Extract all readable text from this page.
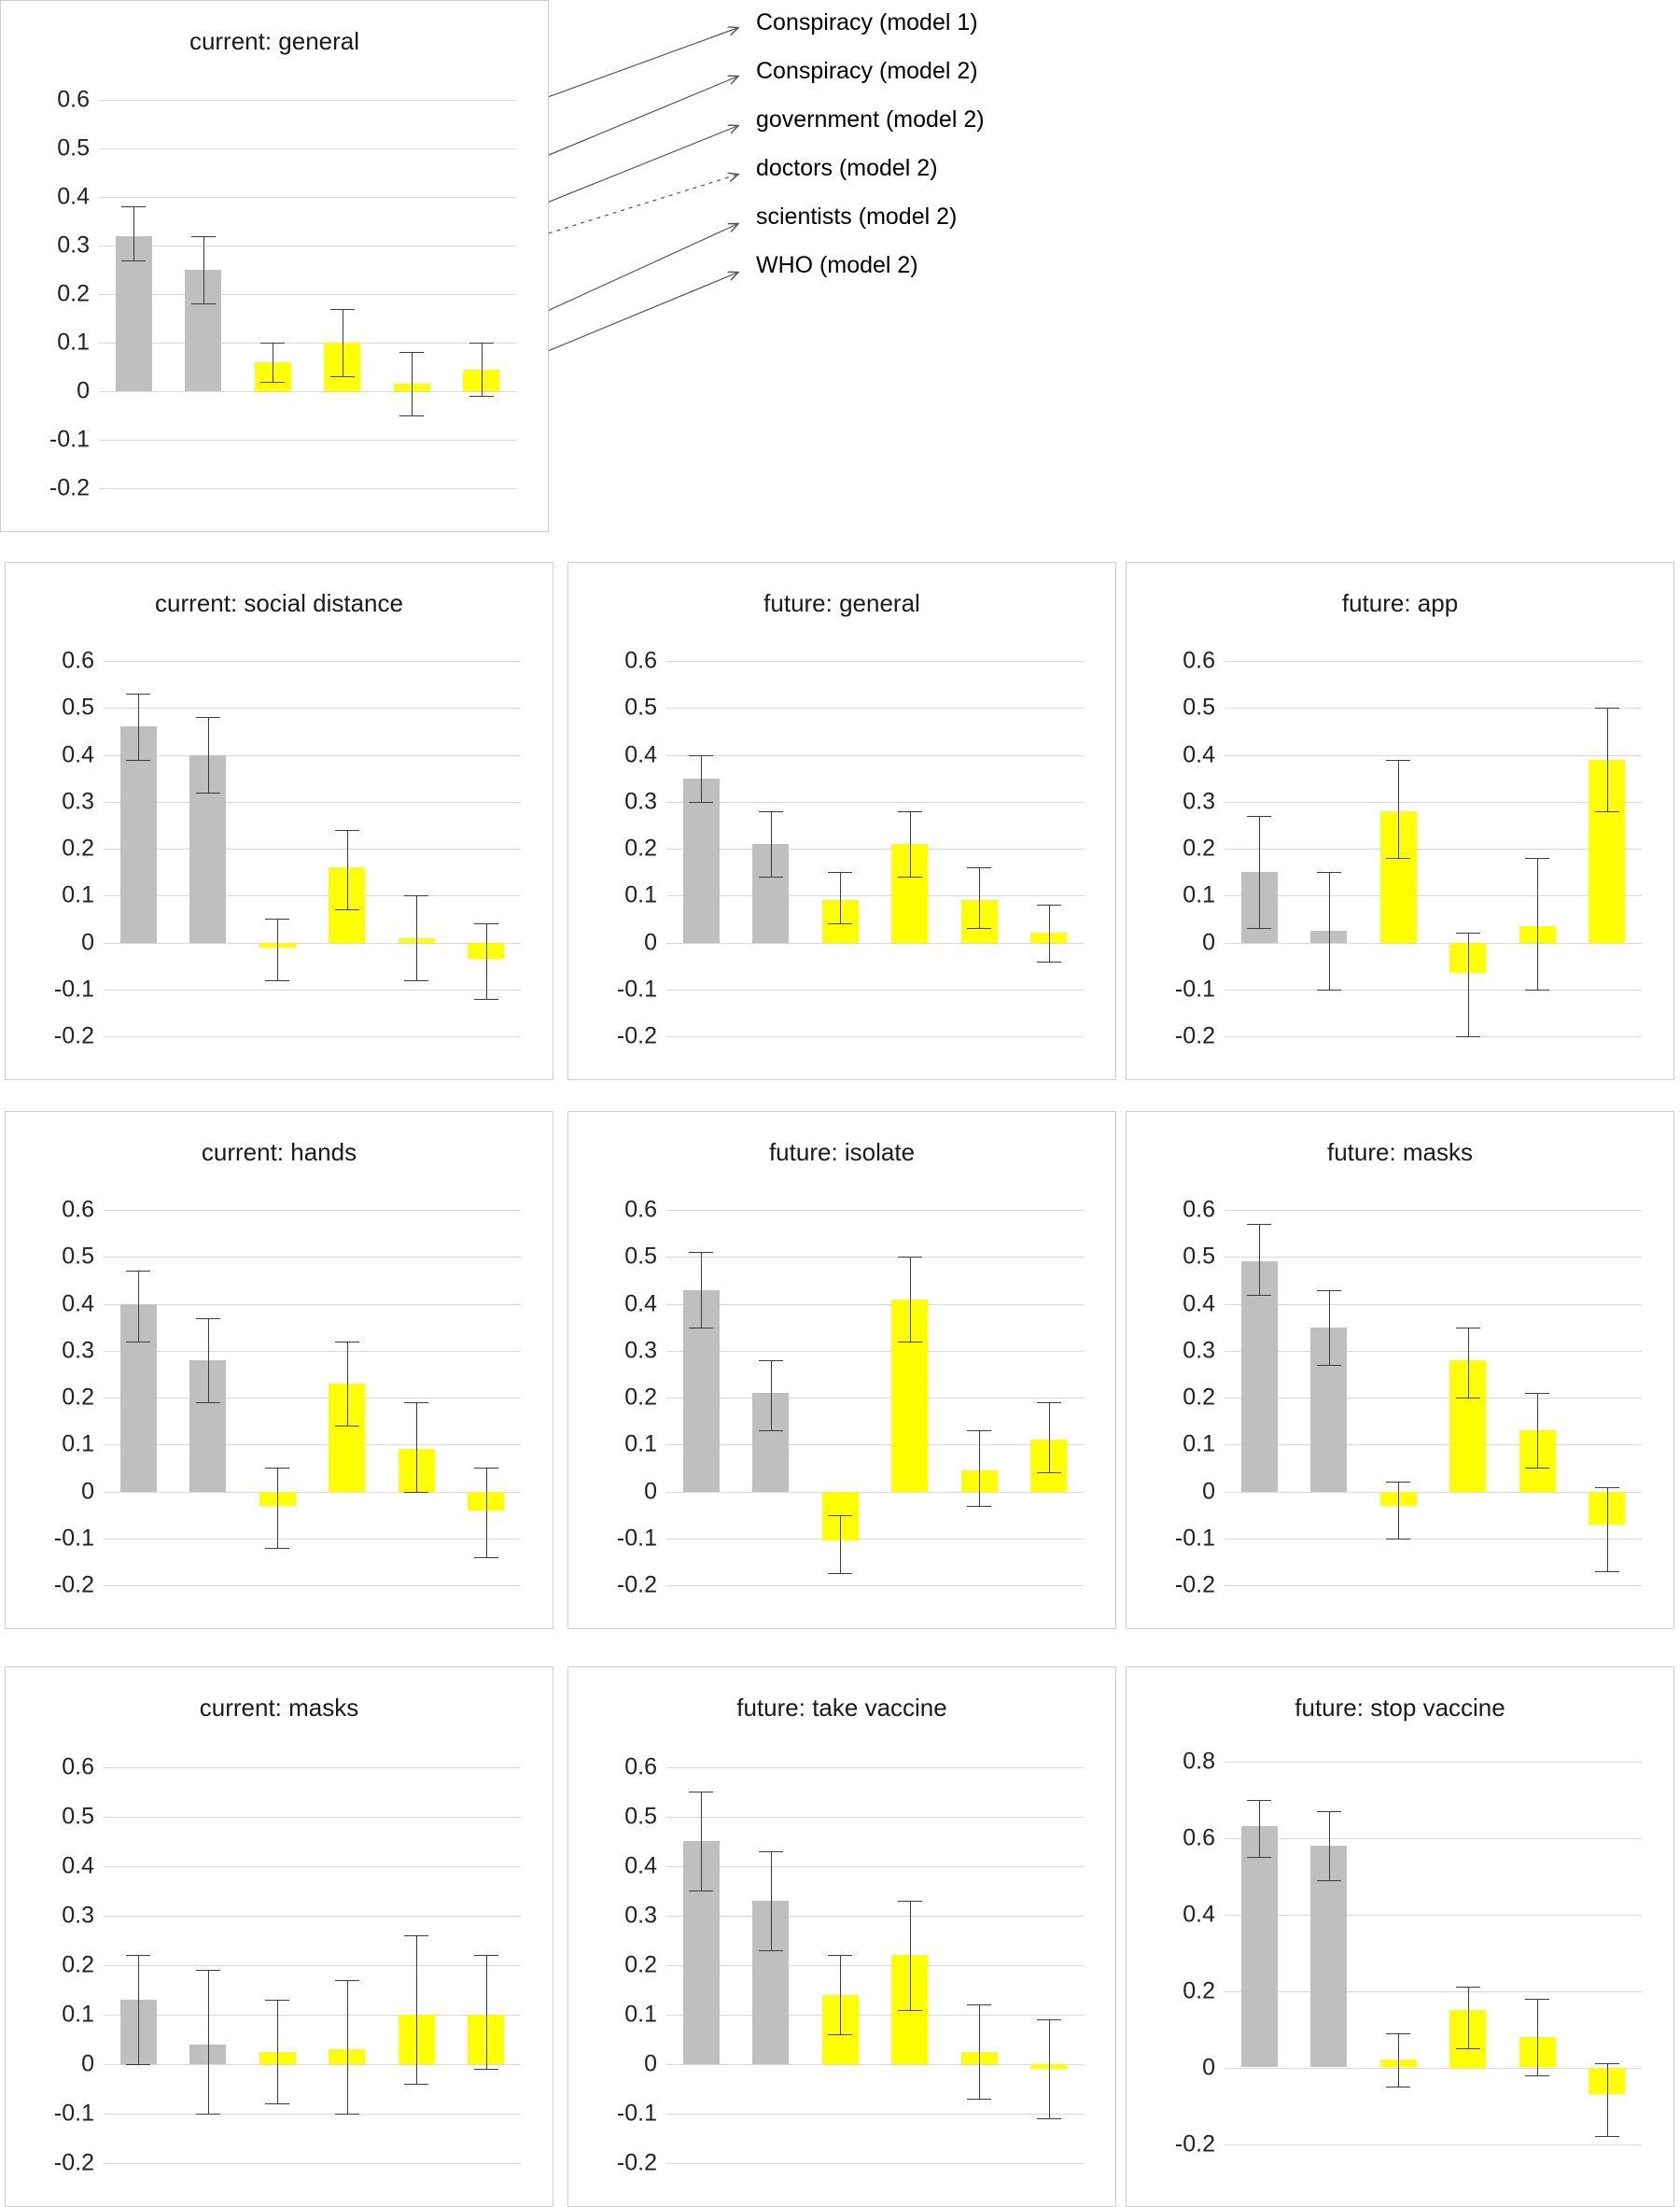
Conspiracy (model 1)
Conspiracy (model 2)
government (model 2)
doctors (model 2)
scientists (model 2)
WHO (model 2)
current: general
-0.2
-0.1
0
0.1
0.2
0.3
0.4
0.5
0.6
current: social distance
-0.2
-0.1
0
0.1
0.2
0.3
0.4
0.5
0.6
future: general
-0.2
-0.1
0
0.1
0.2
0.3
0.4
0.5
0.6
future: app
-0.2
-0.1
0
0.1
0.2
0.3
0.4
0.5
0.6
current: hands
-0.2
-0.1
0
0.1
0.2
0.3
0.4
0.5
0.6
future: isolate
-0.2
-0.1
0
0.1
0.2
0.3
0.4
0.5
0.6
future: masks
-0.2
-0.1
0
0.1
0.2
0.3
0.4
0.5
0.6
current: masks
-0.2
-0.1
0
0.1
0.2
0.3
0.4
0.5
0.6
future: take vaccine
-0.2
-0.1
0
0.1
0.2
0.3
0.4
0.5
0.6
future: stop vaccine
-0.2
0
0.2
0.4
0.6
0.8
